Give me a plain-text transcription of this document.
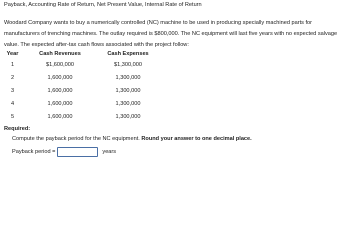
Payback, Accounting Rate of Return, Net Present Value, Internal Rate of Return
Woodard Company wants to buy a numerically controlled (NC) machine to be used in producing specially machined parts for manufacturers of trenching machines. The outlay required is $800,000. The NC equipment will last five years with no expected salvage value. The expected after-tax cash flows associated with the project follow:
Year	Cash Revenues	Cash Expenses
1	$1,600,000	$1,300,000
2	1,600,000	1,300,000
3	1,600,000	1,300,000
4	1,600,000	1,300,000
5	1,600,000	1,300,000
Required:
Compute the payback period for the NC equipment. Round your answer to one decimal place.
Payback period =	years
